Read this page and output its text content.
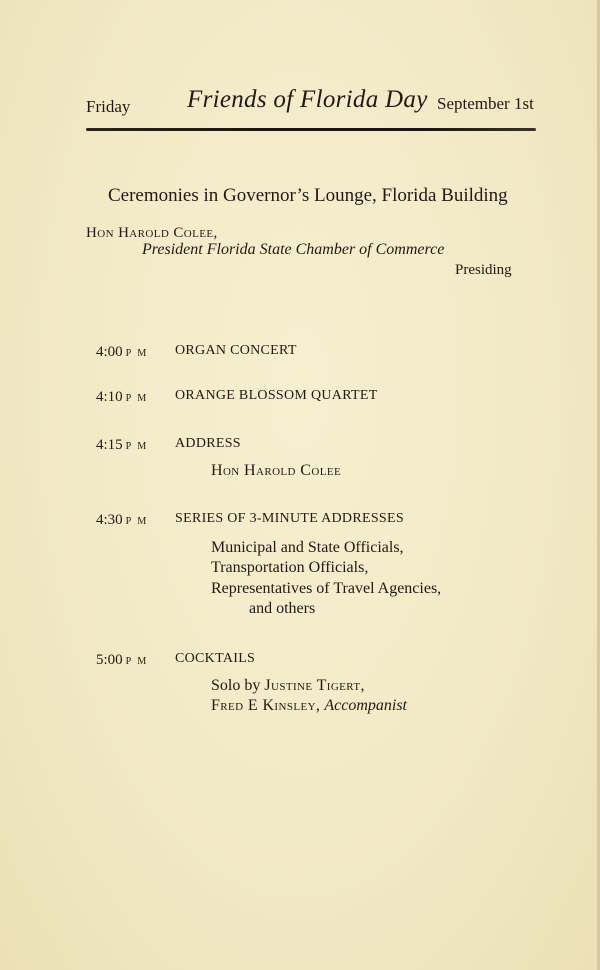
Friday Friends of Florida Day September 1st
Ceremonies in Governor’s Lounge, Florida Building
Hon Harold Colee,
President Florida State Chamber of Commerce
Presiding
4:00 P M ORGAN CONCERT
4:10 P M ORANGE BLOSSOM QUARTET
4:15 P M ADDRESS
Hon Harold Colee
4:30 P M SERIES OF 3-MINUTE ADDRESSES
Municipal and State Officials,
Transportation Officials,
Representatives of Travel Agencies,
and others
5:00 P M COCKTAILS
Solo by Justine Tigert,
Fred E Kinsley, Accompanist
